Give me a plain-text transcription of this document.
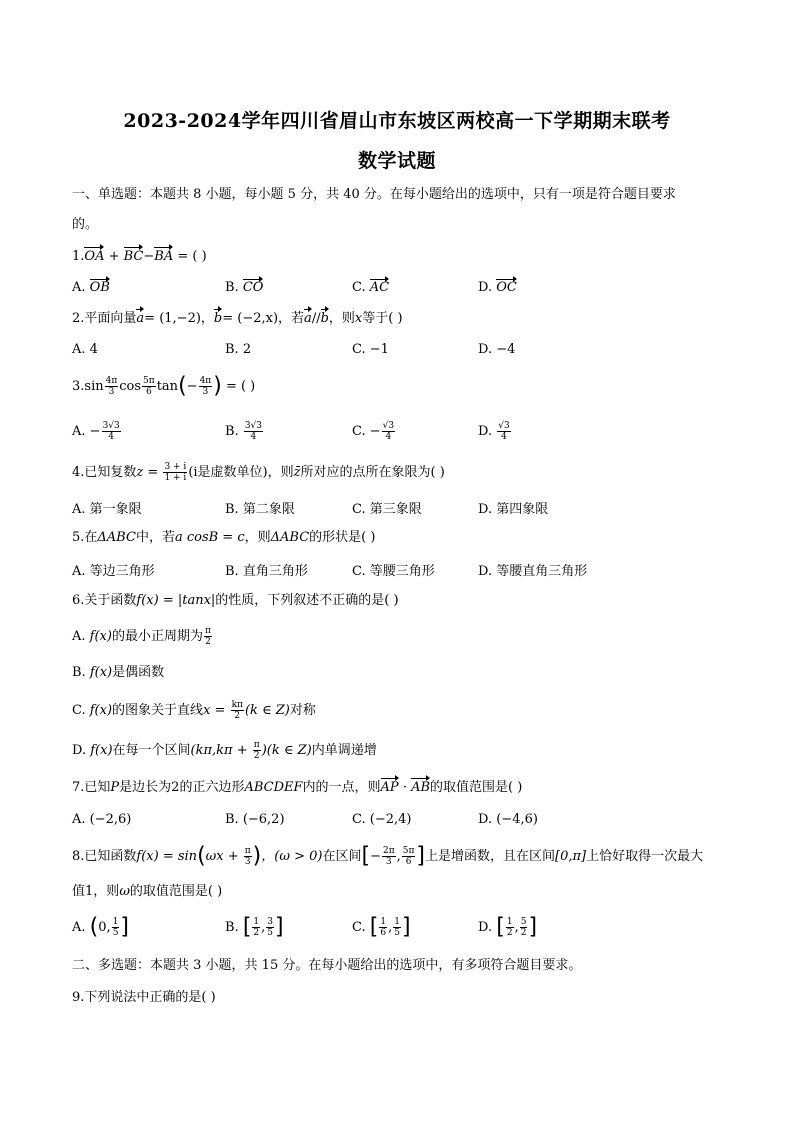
2023-2024学年四川省眉山市东坡区两校高一下学期期末联考
数学试题
一、单选题：本题共 8 小题，每小题 5 分，共 40 分。在每小题给出的选项中，只有一项是符合题目要求
的。
1.OA + BC−BA = ( )
A. OB	B. CO	C. AC	D. OC
2.平面向量a= (1,−2)，b= (−2,x)，若a//b，则x等于( )
A. 4	B. 2	C. −1	D. −4
$3.\sin \frac{4\pi}{3}$ $\cos \frac{5\pi}{6} \tan(- \frac{4\pi}{3}$ ) = ( )
A. − $\frac{3√3}{4}$	B. $\frac{3√3}{4}$	C. − $\frac{√3}{4}$	D. $\frac{√3}{4}$
4.已知复数$z = \frac{3 + i}{1 + i} (i$是虚数单位)，则z̄所对应的点所在象限为( )
A. 第一象限	B. 第二象限	C. 第三象限	D. 第四象限
5.在ΔABC中，若a cosB = c，则ΔABC的形状是( )
A. 等边三角形	B. 直角三角形	C. 等腰三角形	D. 等腰直角三角形
6.关于函数f(x) = |tanx|的性质，下列叙述不正确的是( )
A. f(x)的最小正周期为 $\frac{\pi}{2}$
B. f(x)是偶函数
C. f(x)的图象关于直线$x = \frac{k\pi}{2} (k$ ∈ Z)对称
D. f(x)在每一个区间$(k\pi,k\pi + \frac{\pi}{2} )(k$ ∈ Z)内单调递增
7.已知P是边长为2的正六边形ABCDEF内的一点，则AP · AB的取值范围是( )
A. (−2,6)	B. (−6,2)	C. (−2,4)	D. (−4,6)
8.已知函数$f(x) = \sin(\omega x + \frac{\pi}{3}$ )，(ω > 0)在区间[− $\frac{2\pi}{3}$ , $\frac{5\pi}{6}$ ]上是增函数，且在区间[0,π]上恰好取得一次最大
值1，则ω的取值范围是( )
A. (0, $\frac{1}{5}$ ]	B. [ $\frac{1}{2}$ , $\frac{3}{5}$ ]	C. [ $\frac{1}{6}$ , $\frac{1}{5}$ ]	D. [ $\frac{1}{2}$ , $\frac{5}{2}$ ]
二、多选题：本题共 3 小题，共 15 分。在每小题给出的选项中，有多项符合题目要求。
9.下列说法中正确的是( )
